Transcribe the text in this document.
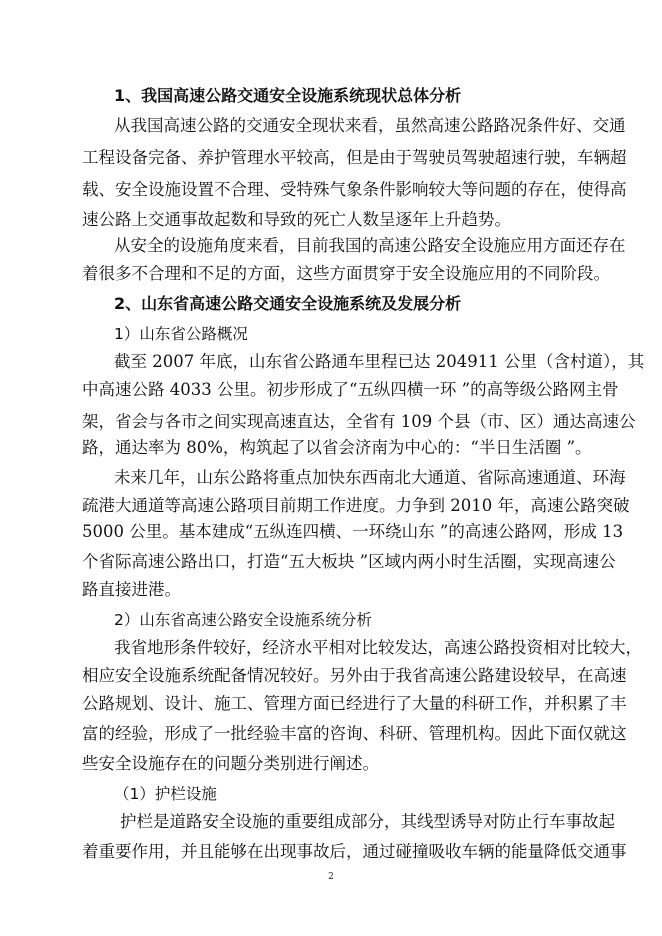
1、我国高速公路交通安全设施系统现状总体分析
从我国高速公路的交通安全现状来看，虽然高速公路路况条件好、交通
工程设备完备、养护管理水平较高，但是由于驾驶员驾驶超速行驶，车辆超
载、安全设施设置不合理、受特殊气象条件影响较大等问题的存在，使得高
速公路上交通事故起数和导致的死亡人数呈逐年上升趋势。
从安全的设施角度来看，目前我国的高速公路安全设施应用方面还存在
着很多不合理和不足的方面，这些方面贯穿于安全设施应用的不同阶段。
2、山东省高速公路交通安全设施系统及发展分析
1）山东省公路概况
截至 2007 年底，山东省公路通车里程已达 204911 公里（含村道），其
中高速公路 4033 公里。初步形成了“五纵四横一环 ”的高等级公路网主骨
架，省会与各市之间实现高速直达，全省有 109 个县（市、区）通达高速公
路，通达率为 80%，构筑起了以省会济南为中心的：“半日生活圈 ”。
未来几年，山东公路将重点加快东西南北大通道、省际高速通道、环海
疏港大通道等高速公路项目前期工作进度。力争到 2010 年，高速公路突破
5000 公里。基本建成“五纵连四横、一环绕山东 ”的高速公路网，形成 13
个省际高速公路出口，打造“五大板块 ”区域内两小时生活圈，实现高速公
路直接进港。
2）山东省高速公路安全设施系统分析
我省地形条件较好，经济水平相对比较发达，高速公路投资相对比较大，
相应安全设施系统配备情况较好。另外由于我省高速公路建设较早，在高速
公路规划、设计、施工、管理方面已经进行了大量的科研工作，并积累了丰
富的经验，形成了一批经验丰富的咨询、科研、管理机构。因此下面仅就这
些安全设施存在的问题分类别进行阐述。
（1）护栏设施
护栏是道路安全设施的重要组成部分，其线型诱导对防止行车事故起
着重要作用，并且能够在出现事故后，通过碰撞吸收车辆的能量降低交通事
2
